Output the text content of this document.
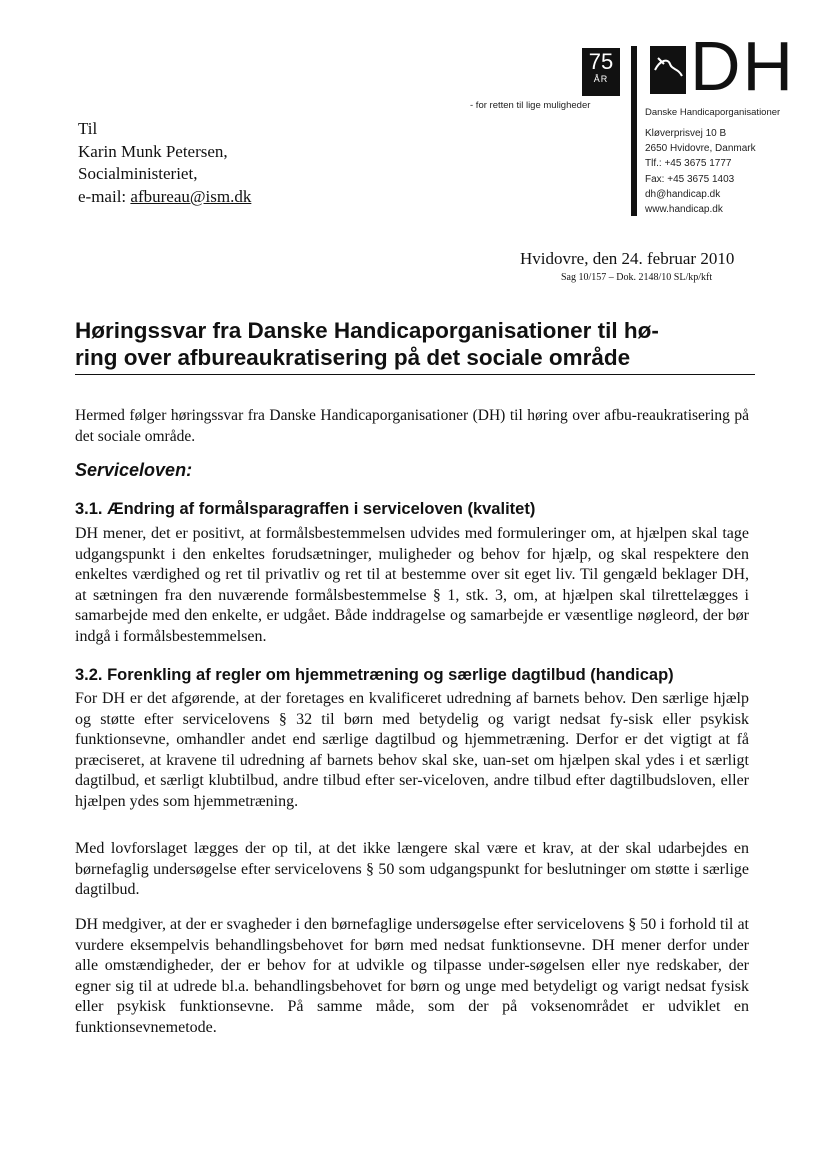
75
ÅR DH
- for retten til lige muligheder
Danske Handicaporganisationer
Kløverprisvej 10 B
2650 Hvidovre, Danmark
Tlf.: +45 3675 1777
Fax: +45 3675 1403
dh@handicap.dk
www.handicap.dk
Til
Karin Munk Petersen,
Socialministeriet,
e-mail: afbureau@ism.dk
Hvidovre, den 24. februar 2010
Sag 10/157 – Dok. 2148/10 SL/kp/kft
Høringssvar fra Danske Handicaporganisationer til hø-
ring over afbureaukratisering på det sociale område
Hermed følger høringssvar fra Danske Handicaporganisationer (DH) til høring over afbu-reaukratisering på det sociale område.
Serviceloven:
3.1. Ændring af formålsparagraffen i serviceloven (kvalitet)
DH mener, det er positivt, at formålsbestemmelsen udvides med formuleringer om, at hjælpen skal tage udgangspunkt i den enkeltes forudsætninger, muligheder og behov for hjælp, og skal respektere den enkeltes værdighed og ret til privatliv og ret til at bestemme over sit eget liv. Til gengæld beklager DH, at sætningen fra den nuværende formålsbestemmelse § 1, stk. 3, om, at hjælpen skal tilrettelægges i samarbejde med den enkelte, er udgået. Både inddragelse og samarbejde er væsentlige nøgleord, der bør indgå i formålsbestemmelsen.
3.2. Forenkling af regler om hjemmetræning og særlige dagtilbud (handicap)
For DH er det afgørende, at der foretages en kvalificeret udredning af barnets behov. Den særlige hjælp og støtte efter servicelovens § 32 til børn med betydelig og varigt nedsat fy-sisk eller psykisk funktionsevne, omhandler andet end særlige dagtilbud og hjemmetræning. Derfor er det vigtigt at få præciseret, at kravene til udredning af barnets behov skal ske, uan-set om hjælpen skal ydes i et særligt dagtilbud, et særligt klubtilbud, andre tilbud efter ser-viceloven, andre tilbud efter dagtilbudsloven, eller hjælpen ydes som hjemmetræning.
Med lovforslaget lægges der op til, at det ikke længere skal være et krav, at der skal udarbejdes en børnefaglig undersøgelse efter servicelovens § 50 som udgangspunkt for beslutninger om støtte i særlige dagtilbud.
DH medgiver, at der er svagheder i den børnefaglige undersøgelse efter servicelovens § 50 i forhold til at vurdere eksempelvis behandlingsbehovet for børn med nedsat funktionsevne. DH mener derfor under alle omstændigheder, der er behov for at udvikle og tilpasse under-søgelsen eller nye redskaber, der egner sig til at udrede bl.a. behandlingsbehovet for børn og unge med betydeligt og varigt nedsat fysisk eller psykisk funktionsevne. På samme måde, som der på voksenområdet er udviklet en funktionsevnemetode.
